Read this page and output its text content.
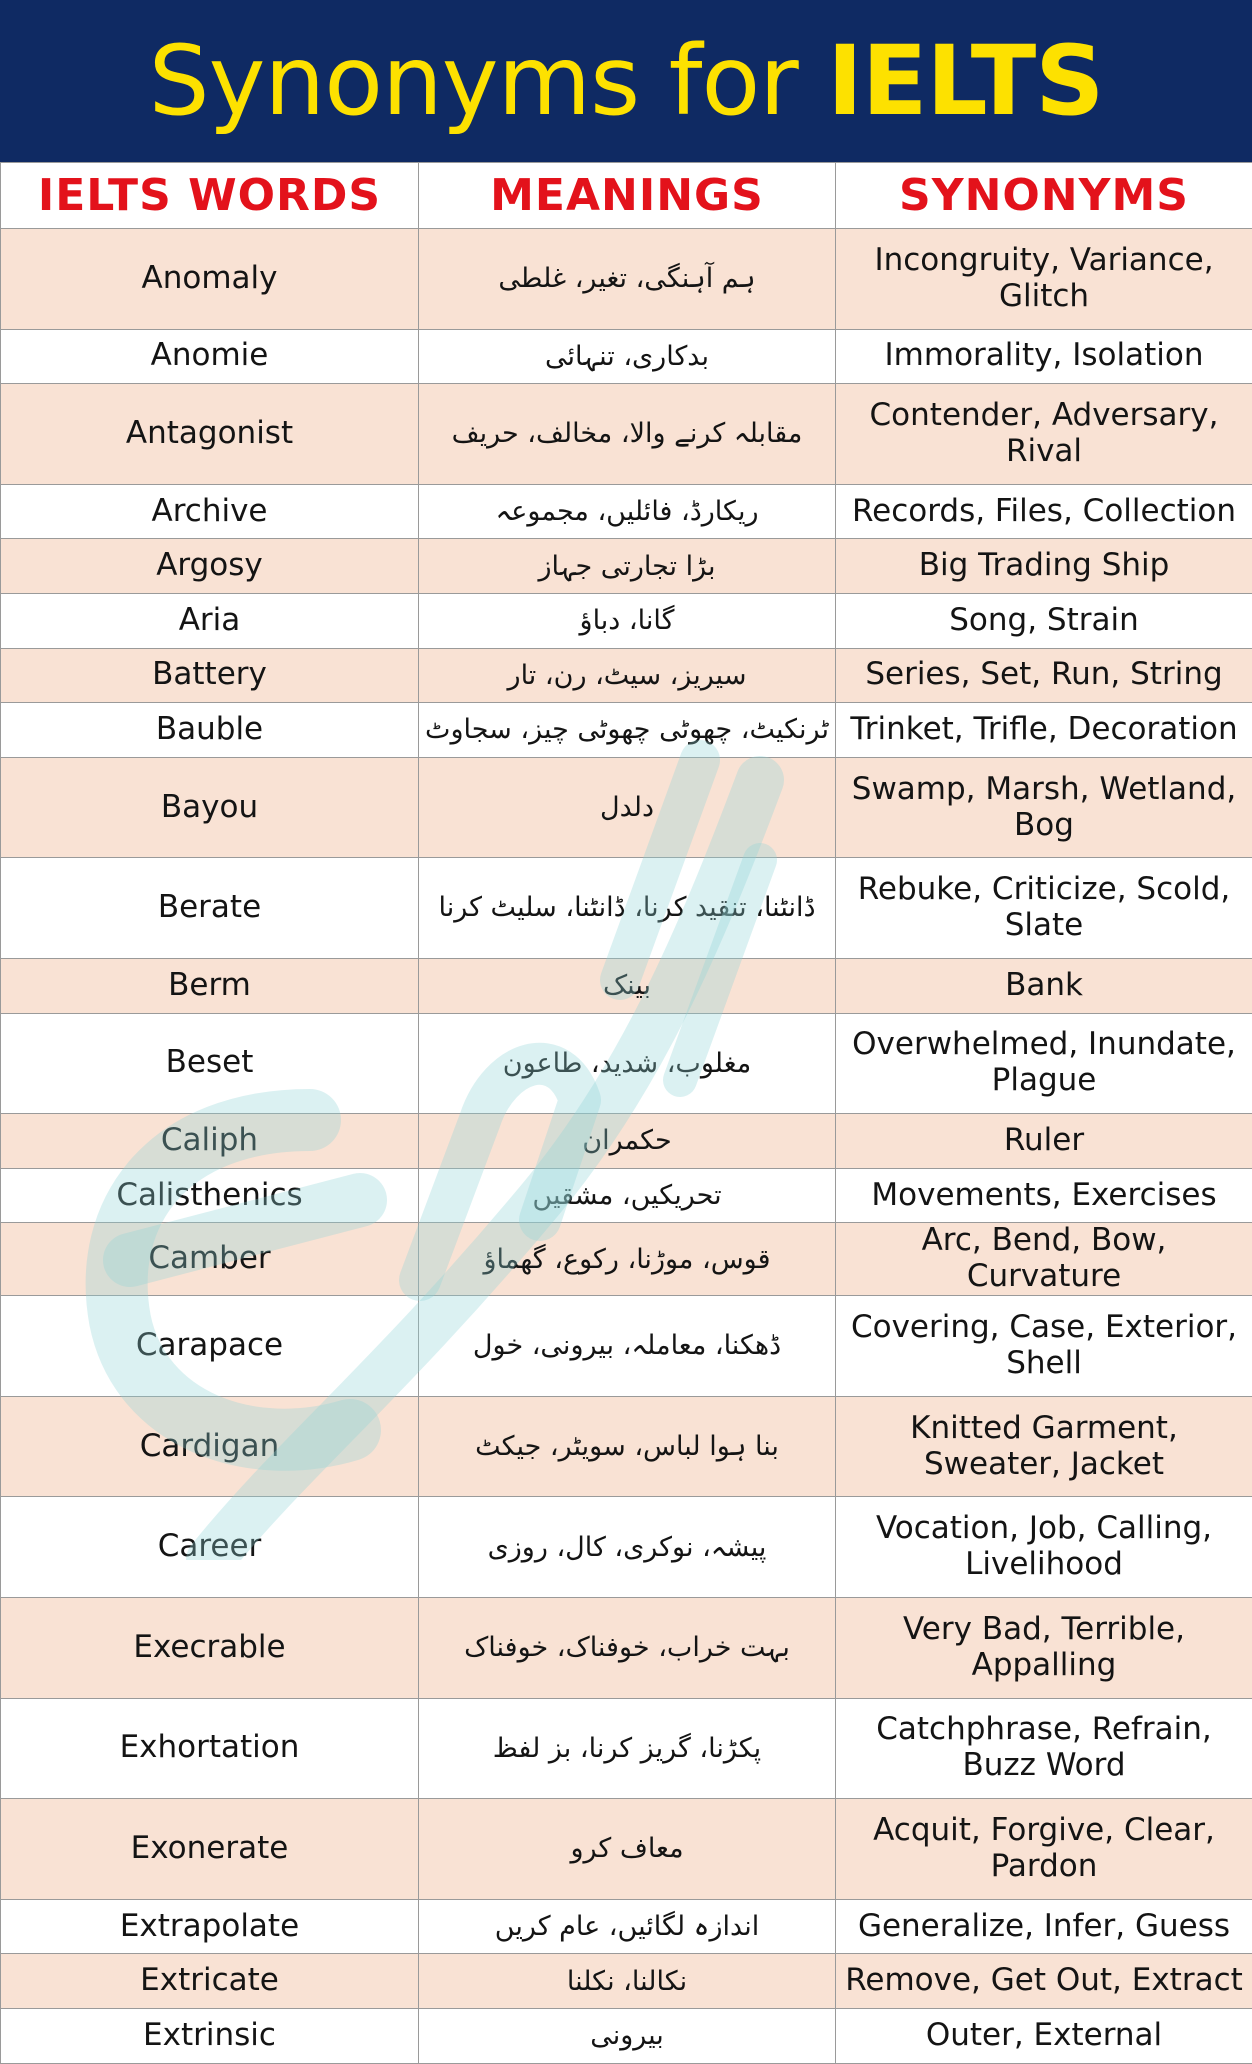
Synonyms for IELTS
IELTS WORDS	MEANINGS	SYNONYMS
Anomaly	ہم آہنگی، تغیر، غلطی	Incongruity, Variance, Glitch
Anomie	بدکاری، تنہائی	Immorality, Isolation
Antagonist	مقابلہ کرنے والا، مخالف، حریف	Contender, Adversary, Rival
Archive	ریکارڈ، فائلیں، مجموعہ	Records, Files, Collection
Argosy	بڑا تجارتی جہاز	Big Trading Ship
Aria	گانا، دباؤ	Song, Strain
Battery	سیریز، سیٹ، رن، تار	Series, Set, Run, String
Bauble	ٹرنکیٹ، چھوٹی چھوٹی چیز، سجاوٹ	Trinket, Trifle, Decoration
Bayou	دلدل	Swamp, Marsh, Wetland, Bog
Berate	ڈانٹنا، تنقید کرنا، ڈانٹنا، سلیٹ کرنا	Rebuke, Criticize, Scold, Slate
Berm	بینک	Bank
Beset	مغلوب، شدید، طاعون	Overwhelmed, Inundate, Plague
Caliph	حکمران	Ruler
Calisthenics	تحریکیں، مشقیں	Movements, Exercises
Camber	قوس، موڑنا، رکوع، گھماؤ	Arc, Bend, Bow, Curvature
Carapace	ڈھکنا، معاملہ، بیرونی، خول	Covering, Case, Exterior, Shell
Cardigan	بنا ہوا لباس، سویٹر، جیکٹ	Knitted Garment, Sweater, Jacket
Career	پیشہ، نوکری، کال، روزی	Vocation, Job, Calling, Livelihood
Execrable	بہت خراب، خوفناک، خوفناک	Very Bad, Terrible, Appalling
Exhortation	پکڑنا، گریز کرنا، بز لفظ	Catchphrase, Refrain, Buzz Word
Exonerate	معاف کرو	Acquit, Forgive, Clear, Pardon
Extrapolate	اندازہ لگائیں، عام کریں	Generalize, Infer, Guess
Extricate	نکالنا، نکلنا	Remove, Get Out, Extract
Extrinsic	بیرونی	Outer, External
